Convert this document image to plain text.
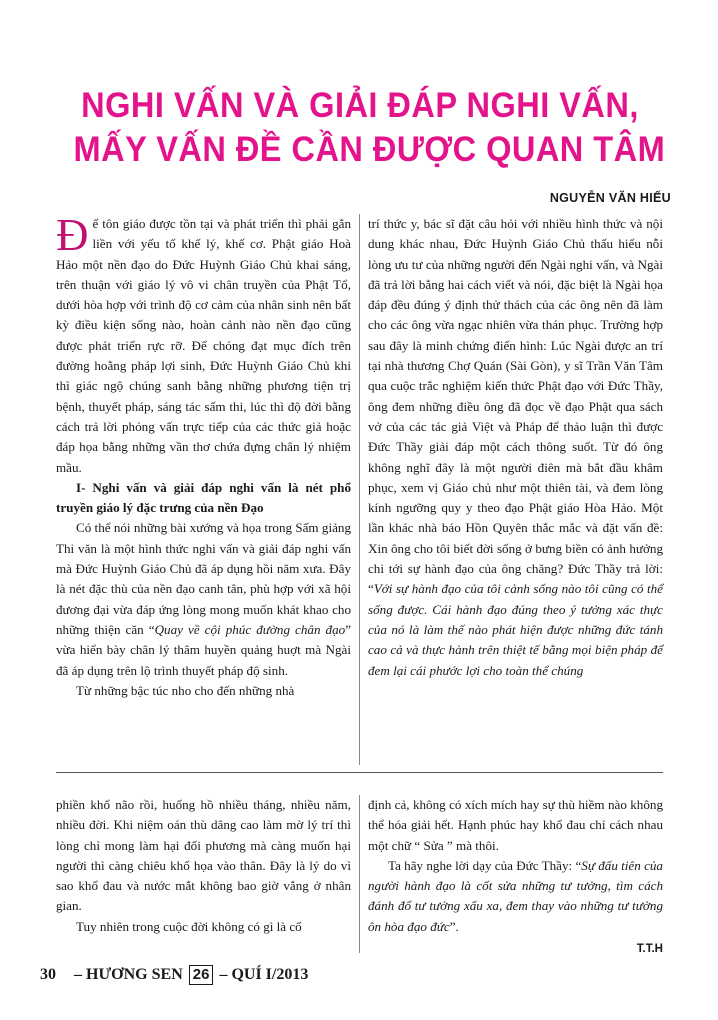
NGHI VẤN VÀ GIẢI ĐÁP NGHI VẤN,
MẤY VẤN ĐỀ CẦN ĐƯỢC QUAN TÂM
NGUYỄN VĂN HIẾU

Để tôn giáo được tồn tại và phát triển thì phải gắn liền với yếu tố khế lý, khế cơ. Phật giáo Hoà Hảo một nền đạo do Đức Huỳnh Giáo Chủ khai sáng, trên thuận với giáo lý vô vi chân truyền của Phật Tổ, dưới hòa hợp với trình độ cơ cảm của nhân sinh nên bất kỳ điều kiện sống nào, hoàn cảnh nào nền đạo cũng được phát triển rực rỡ. Để chóng đạt mục đích trên đường hoằng pháp lợi sinh, Đức Huỳnh Giáo Chủ khi thì giác ngộ chúng sanh bằng những phương tiện trị bệnh, thuyết pháp, sáng tác sấm thi, lúc thì độ đời bằng cách trả lời phỏng vấn trực tiếp của các thức giả hoặc đáp họa bằng những vần thơ chứa đựng chân lý nhiệm mầu.

I- Nghi vấn và giải đáp nghi vấn là nét phổ truyền giáo lý đặc trưng của nền Đạo

Có thể nói những bài xướng và họa trong Sấm giảng Thi văn là một hình thức nghi vấn và giải đáp nghi vấn mà Đức Huỳnh Giáo Chủ đã áp dụng hồi năm xưa. Đây là nét đặc thù của nền đạo canh tân, phù hợp với xã hội đương đại vừa đáp ứng lòng mong muốn khát khao cho những thiện căn “Quay về cội phúc đường chân đạo” vừa hiển bày chân lý thâm huyền quảng huợt mà Ngài đã áp dụng trên lộ trình thuyết pháp độ sinh.

Từ những bậc túc nho cho đến những nhà

trí thức y, bác sĩ đặt câu hỏi với nhiều hình thức và nội dung khác nhau, Đức Huỳnh Giáo Chủ thấu hiểu nỗi lòng ưu tư của những người đến Ngài nghi vấn, và Ngài đã trả lời bằng hai cách viết và nói, đặc biệt là Ngài họa đáp đều đúng ý định thử thách của các ông nên đã làm cho các ông vừa ngạc nhiên vừa thán phục. Trường hợp sau đây là minh chứng điển hình: Lúc Ngài được an trí tại nhà thương Chợ Quán (Sài Gòn), y sĩ Trần Văn Tâm qua cuộc trắc nghiệm kiến thức Phật đạo với Đức Thầy, ông đem những điều ông đã đọc về đạo Phật qua sách vở của các tác giả Việt và Pháp để thảo luận thì được Đức Thầy giải đáp một cách thông suốt. Từ đó ông không nghĩ đây là một người điên mà bắt đầu khâm phục, xem vị Giáo chủ như một thiên tài, và đem lòng kính ngưỡng quy y theo đạo Phật giáo Hòa Hảo. Một lần khác nhà báo Hồn Quyên thắc mắc và đặt vấn đề: Xin ông cho tôi biết đời sống ở bưng biền có ảnh hưởng chi tới sự hành đạo của ông chăng? Đức Thầy trả lời: “Với sự hành đạo của tôi cảnh sống nào tôi cũng có thể sống được. Cái hành đạo đúng theo ý tưởng xác thực của nó là làm thế nào phát hiện được những đức tánh cao cả và thực hành trên thiệt tế bằng mọi biện pháp để đem lại cái phước lợi cho toàn thể chúng

phiền khổ não rồi, huống hồ nhiều tháng, nhiều năm, nhiều đời. Khi niệm oán thù dâng cao làm mờ lý trí thì lòng chỉ mong làm hại đối phương mà càng muốn hại người thì càng chiêu khổ họa vào thân. Đây là lý do vì sao khổ đau và nước mắt không bao giờ vắng ở nhân gian.

Tuy nhiên trong cuộc đời không có gì là cố

định cả, không có xích mích hay sự thù hiềm nào không thể hóa giải hết. Hạnh phúc hay khổ đau chỉ cách nhau một chữ “ Sửa ” mà thôi.

Ta hãy nghe lời dạy của Đức Thầy: “Sự đấu tiên của người hành đạo là cốt sửa những tư tưởng, tìm cách đánh đổ tư tưởng xấu xa, đem thay vào những tư tưởng ôn hòa đạo đức”.

T.T.H

30 –
HƯƠNG SEN 26 –
QUÍ I/2013
